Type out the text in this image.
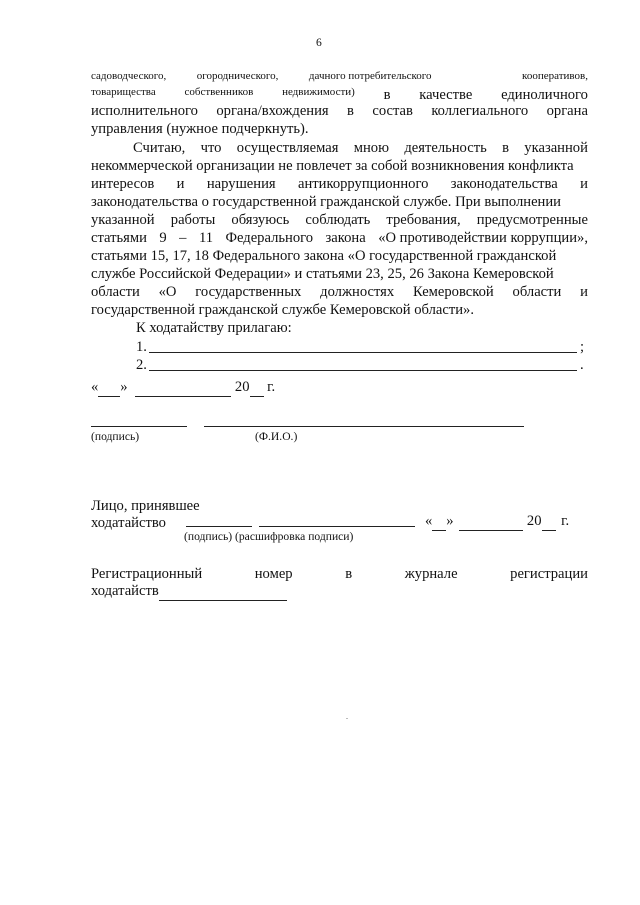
6
садоводческого,	огороднического,	дачного потребительского	кооперативов,
товарищества	собственников	недвижимости) в качестве единоличного
исполнительного органа/вхождения в состав коллегиального органа
управления (нужное подчеркнуть).
Считаю, что осуществляемая мною деятельность в указанной
некоммерческой организации не повлечет за собой возникновения конфликта
интересов и нарушения антикоррупционного законодательства и
законодательства о государственной гражданской службе. При выполнении
указанной работы обязуюсь соблюдать требования, предусмотренные
статьями 9 – 11 Федерального закона «О противодействии коррупции»,
статьями 15, 17, 18 Федерального закона «О государственной гражданской
службе Российской Федерации» и статьями 23, 25, 26 Закона Кемеровской
области «О государственных должностях Кемеровской области и
государственной гражданской службе Кемеровской области».
К ходатайству прилагаю:
1.	;
2.	.
« »	20 г.
(подпись)	(Ф.И.О.)
Лицо, принявшее
ходатайство	« »	20 г.
(подпись) (расшифровка подписи)
Регистрационный	номер	в	журнале	регистрации
ходатайств
